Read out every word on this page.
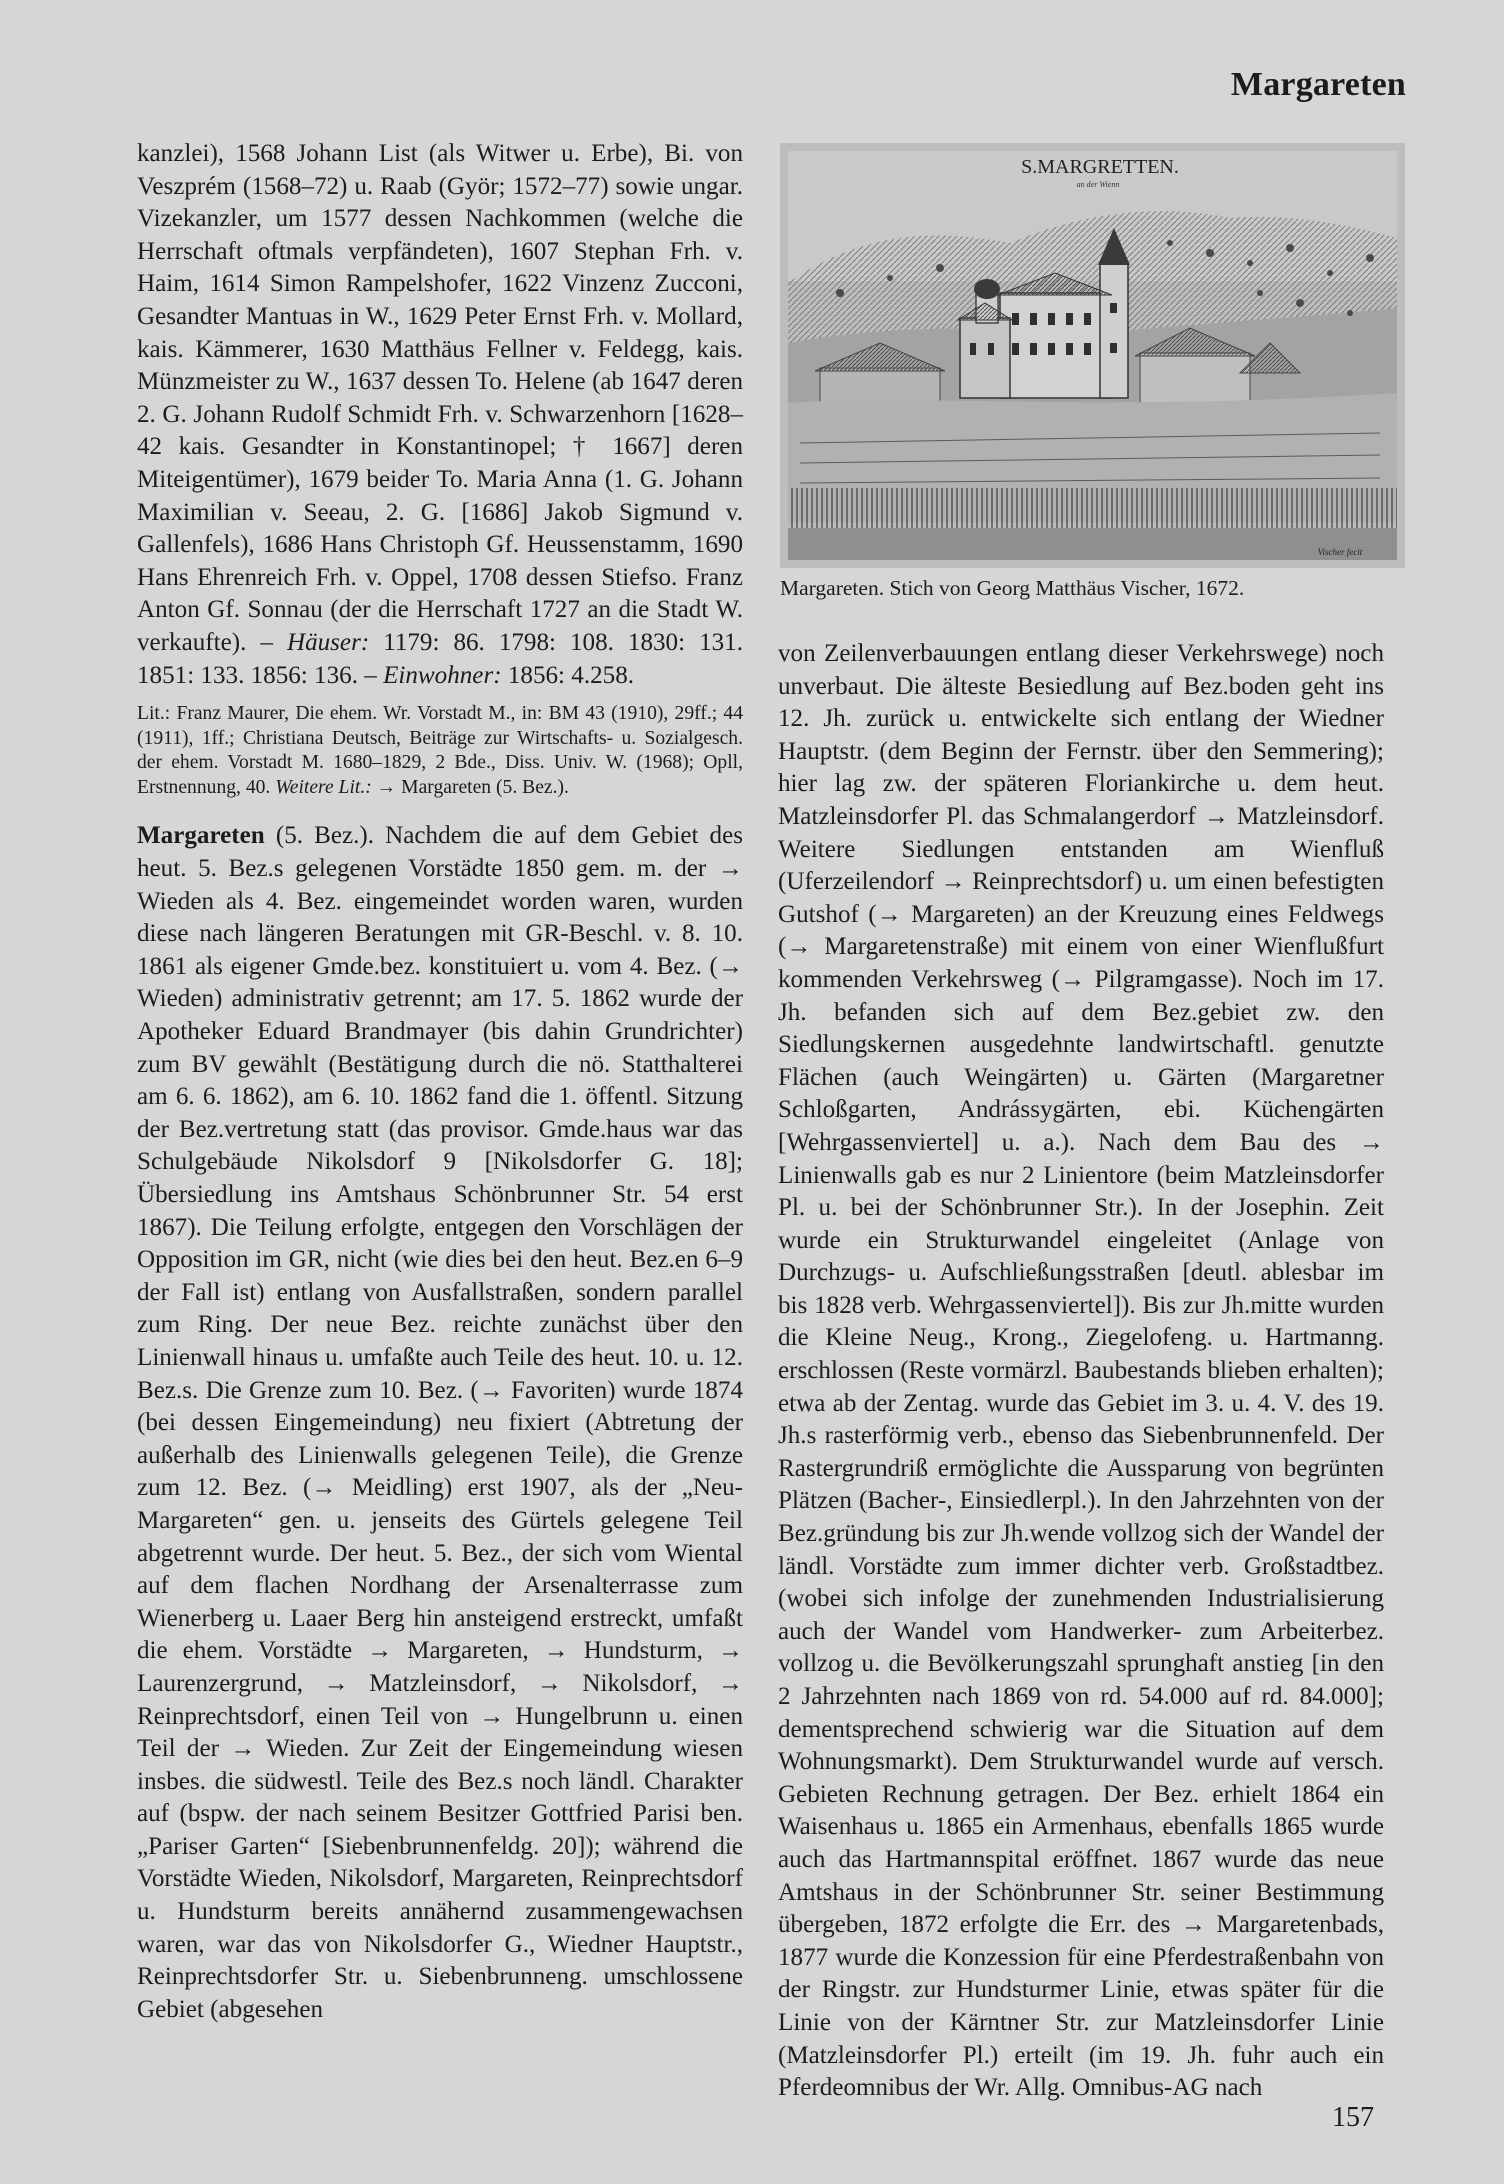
Margareten

kanzlei), 1568 Johann List (als Witwer u. Erbe), Bi. von Veszprém (1568–72) u. Raab (Györ; 1572–77) sowie ungar. Vizekanzler, um 1577 dessen Nachkommen (welche die Herrschaft oftmals verpfändeten), 1607 Stephan Frh. v. Haim, 1614 Simon Rampelshofer, 1622 Vinzenz Zucconi, Gesandter Mantuas in W., 1629 Peter Ernst Frh. v. Mollard, kais. Kämmerer, 1630 Matthäus Fellner v. Feldegg, kais. Münzmeister zu W., 1637 dessen To. Helene (ab 1647 deren 2. G. Johann Rudolf Schmidt Frh. v. Schwarzenhorn [1628–42 kais. Gesandter in Konstantinopel; † 1667] deren Miteigentümer), 1679 beider To. Maria Anna (1. G. Johann Maximilian v. Seeau, 2. G. [1686] Jakob Sigmund v. Gallenfels), 1686 Hans Christoph Gf. Heussenstamm, 1690 Hans Ehrenreich Frh. v. Oppel, 1708 dessen Stiefso. Franz Anton Gf. Sonnau (der die Herrschaft 1727 an die Stadt W. verkaufte). – Häuser: 1179: 86. 1798: 108. 1830: 131. 1851: 133. 1856: 136. – Einwohner: 1856: 4.258.

Lit.: Franz Maurer, Die ehem. Wr. Vorstadt M., in: BM 43 (1910), 29ff.; 44 (1911), 1ff.; Christiana Deutsch, Beiträge zur Wirtschafts- u. Sozialgesch. der ehem. Vorstadt M. 1680–1829, 2 Bde., Diss. Univ. W. (1968); Opll, Erstnennung, 40. Weitere Lit.: → Margareten (5. Bez.).

Margareten (5. Bez.). Nachdem die auf dem Gebiet des heut. 5. Bez.s gelegenen Vorstädte 1850 gem. m. der → Wieden als 4. Bez. eingemeindet worden waren, wurden diese nach längeren Beratungen mit GR-Beschl. v. 8. 10. 1861 als eigener Gmde.bez. konstituiert u. vom 4. Bez. (→ Wieden) administrativ getrennt; am 17. 5. 1862 wurde der Apotheker Eduard Brandmayer (bis dahin Grundrichter) zum BV gewählt (Bestätigung durch die nö. Statthalterei am 6. 6. 1862), am 6. 10. 1862 fand die 1. öffentl. Sitzung der Bez.vertretung statt (das provisor. Gmde.haus war das Schulgebäude Nikolsdorf 9 [Nikolsdorfer G. 18]; Übersiedlung ins Amtshaus Schönbrunner Str. 54 erst 1867). Die Teilung erfolgte, entgegen den Vorschlägen der Opposition im GR, nicht (wie dies bei den heut. Bez.en 6–9 der Fall ist) entlang von Ausfallstraßen, sondern parallel zum Ring. Der neue Bez. reichte zunächst über den Linienwall hinaus u. umfaßte auch Teile des heut. 10. u. 12. Bez.s. Die Grenze zum 10. Bez. (→ Favoriten) wurde 1874 (bei dessen Eingemeindung) neu fixiert (Abtretung der außerhalb des Linienwalls gelegenen Teile), die Grenze zum 12. Bez. (→ Meidling) erst 1907, als der „Neu-Margareten“ gen. u. jenseits des Gürtels gelegene Teil abgetrennt wurde. Der heut. 5. Bez., der sich vom Wiental auf dem flachen Nordhang der Arsenalterrasse zum Wienerberg u. Laaer Berg hin ansteigend erstreckt, umfaßt die ehem. Vorstädte → Margareten, → Hundsturm, → Laurenzergrund, → Matzleinsdorf, → Nikolsdorf, → Reinprechtsdorf, einen Teil von → Hungelbrunn u. einen Teil der → Wieden. Zur Zeit der Eingemeindung wiesen insbes. die südwestl. Teile des Bez.s noch ländl. Charakter auf (bspw. der nach seinem Besitzer Gottfried Parisi ben. „Pariser Garten“ [Siebenbrunnenfeldg. 20]); während die Vorstädte Wieden, Nikolsdorf, Margareten, Reinprechtsdorf u. Hundsturm bereits annähernd zusammengewachsen waren, war das von Nikolsdorfer G., Wiedner Hauptstr., Reinprechtsdorfer Str. u. Siebenbrunneng. umschlossene Gebiet (abgesehen

S.MARGRETTEN.
an der Wienn
Vischer fecit
Margareten. Stich von Georg Matthäus Vischer, 1672.

von Zeilenverbauungen entlang dieser Verkehrswege) noch unverbaut. Die älteste Besiedlung auf Bez.boden geht ins 12. Jh. zurück u. entwickelte sich entlang der Wiedner Hauptstr. (dem Beginn der Fernstr. über den Semmering); hier lag zw. der späteren Floriankirche u. dem heut. Matzleinsdorfer Pl. das Schmalangerdorf → Matzleinsdorf. Weitere Siedlungen entstanden am Wienfluß (Uferzeilendorf → Reinprechtsdorf) u. um einen befestigten Gutshof (→ Margareten) an der Kreuzung eines Feldwegs (→ Margaretenstraße) mit einem von einer Wienflußfurt kommenden Verkehrsweg (→ Pilgramgasse). Noch im 17. Jh. befanden sich auf dem Bez.gebiet zw. den Siedlungskernen ausgedehnte landwirtschaftl. genutzte Flächen (auch Weingärten) u. Gärten (Margaretner Schloßgarten, Andrássygärten, ebi. Küchengärten [Wehrgassenviertel] u. a.). Nach dem Bau des → Linienwalls gab es nur 2 Linientore (beim Matzleinsdorfer Pl. u. bei der Schönbrunner Str.). In der Josephin. Zeit wurde ein Strukturwandel eingeleitet (Anlage von Durchzugs- u. Aufschließungsstraßen [deutl. ablesbar im bis 1828 verb. Wehrgassenviertel]). Bis zur Jh.mitte wurden die Kleine Neug., Krong., Ziegelofeng. u. Hartmanng. erschlossen (Reste vormärzl. Baubestands blieben erhalten); etwa ab der Zentag. wurde das Gebiet im 3. u. 4. V. des 19. Jh.s rasterförmig verb., ebenso das Siebenbrunnenfeld. Der Rastergrundriß ermöglichte die Aussparung von begrünten Plätzen (Bacher-, Einsiedlerpl.). In den Jahrzehnten von der Bez.gründung bis zur Jh.wende vollzog sich der Wandel der ländl. Vorstädte zum immer dichter verb. Großstadtbez. (wobei sich infolge der zunehmenden Industrialisierung auch der Wandel vom Handwerker- zum Arbeiterbez. vollzog u. die Bevölkerungszahl sprunghaft anstieg [in den 2 Jahrzehnten nach 1869 von rd. 54.000 auf rd. 84.000]; dementsprechend schwierig war die Situation auf dem Wohnungsmarkt). Dem Strukturwandel wurde auf versch. Gebieten Rechnung getragen. Der Bez. erhielt 1864 ein Waisenhaus u. 1865 ein Armenhaus, ebenfalls 1865 wurde auch das Hartmannspital eröffnet. 1867 wurde das neue Amtshaus in der Schönbrunner Str. seiner Bestimmung übergeben, 1872 erfolgte die Err. des → Margaretenbads, 1877 wurde die Konzession für eine Pferdestraßenbahn von der Ringstr. zur Hundsturmer Linie, etwas später für die Linie von der Kärntner Str. zur Matzleinsdorfer Linie (Matzleinsdorfer Pl.) erteilt (im 19. Jh. fuhr auch ein Pferdeomnibus der Wr. Allg. Omnibus-AG nach

157
